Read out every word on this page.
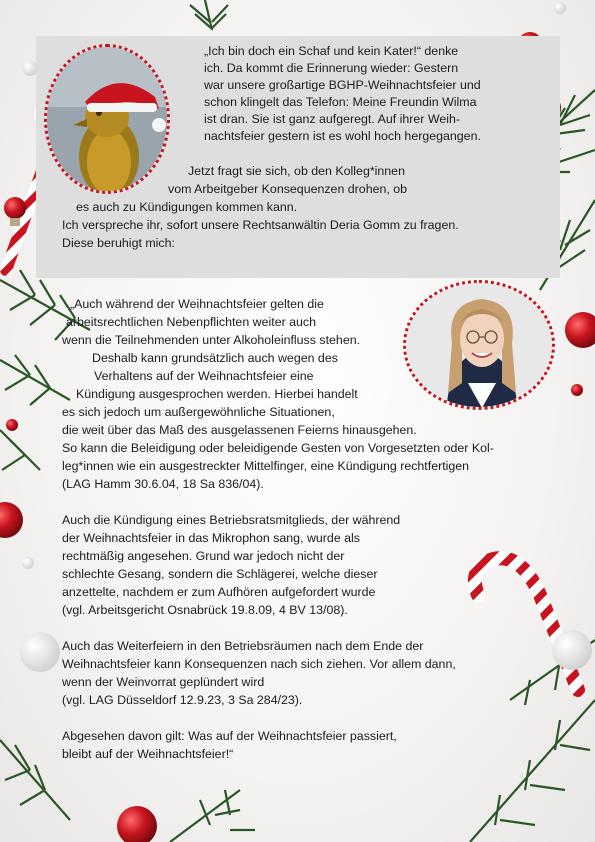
„Ich bin doch ein Schaf und kein Kater!“ denke
ich. Da kommt die Erinnerung wieder: Gestern
war unsere großartige BGHP-Weihnachtsfeier und
schon klingelt das Telefon: Meine Freundin Wilma
ist dran. Sie ist ganz aufgeregt. Auf ihrer Weih-
nachtsfeier gestern ist es wohl hoch hergegangen.
Jetzt fragt sie sich, ob den Kolleg*innen
vom Arbeitgeber Konsequenzen drohen, ob
es auch zu Kündigungen kommen kann.
Ich verspreche ihr, sofort unsere Rechtsanwältin Deria Gomm zu fragen.
Diese beruhigt mich:
„Auch während der Weihnachtsfeier gelten die
arbeitsrechtlichen Nebenpflichten weiter auch
wenn die Teilnehmenden unter Alkoholeinfluss stehen.
Deshalb kann grundsätzlich auch wegen des
Verhaltens auf der Weihnachtsfeier eine
Kündigung ausgesprochen werden. Hierbei handelt
es sich jedoch um außergewöhnliche Situationen,
die weit über das Maß des ausgelassenen Feierns hinausgehen.
So kann die Beleidigung oder beleidigende Gesten von Vorgesetzten oder Kol-
leg*innen wie ein ausgestreckter Mittelfinger, eine Kündigung rechtfertigen
(LAG Hamm 30.6.04, 18 Sa 836/04).
Auch die Kündigung eines Betriebsratsmitglieds, der während
der Weihnachtsfeier in das Mikrophon sang, wurde als
rechtmäßig angesehen. Grund war jedoch nicht der
schlechte Gesang, sondern die Schlägerei, welche dieser
anzettelte, nachdem er zum Aufhören aufgefordert wurde
(vgl. Arbeitsgericht Osnabrück 19.8.09, 4 BV 13/08).
Auch das Weiterfeiern in den Betriebsräumen nach dem Ende der
Weihnachtsfeier kann Konsequenzen nach sich ziehen. Vor allem dann,
wenn der Weinvorrat geplündert wird
(vgl. LAG Düsseldorf 12.9.23, 3 Sa 284/23).
Abgesehen davon gilt: Was auf der Weihnachtsfeier passiert,
bleibt auf der Weihnachtsfeier!“
